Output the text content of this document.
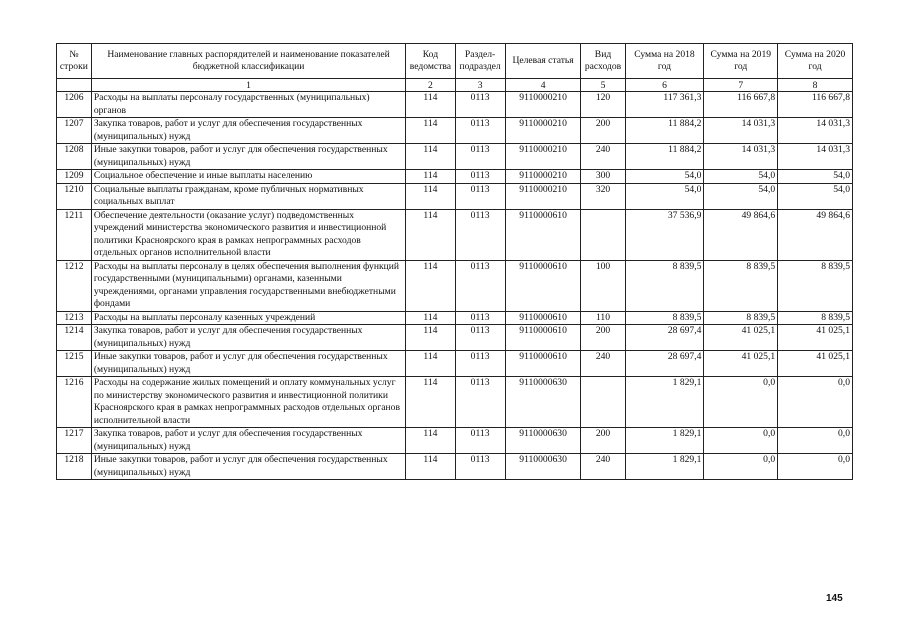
№ строки	Наименование главных распорядителей и наименование показателей бюджетной классификации	Код ведомства	Раздел-подраздел	Целевая статья	Вид расходов	Сумма на 2018 год	Сумма на 2019 год	Сумма на 2020 год
	1	2	3	4	5	6	7	8
1206	Расходы на выплаты персоналу государственных (муниципальных) органов	114	0113	9110000210	120	117 361,3	116 667,8	116 667,8
1207	Закупка товаров, работ и услуг для обеспечения государственных (муниципальных) нужд	114	0113	9110000210	200	11 884,2	14 031,3	14 031,3
1208	Иные закупки товаров, работ и услуг для обеспечения государственных (муниципальных) нужд	114	0113	9110000210	240	11 884,2	14 031,3	14 031,3
1209	Социальное обеспечение и иные выплаты населению	114	0113	9110000210	300	54,0	54,0	54,0
1210	Социальные выплаты гражданам, кроме публичных нормативных социальных выплат	114	0113	9110000210	320	54,0	54,0	54,0
1211	Обеспечение деятельности (оказание услуг) подведомственных учреждений министерства экономического развития и инвестиционной политики Красноярского края в рамках непрограммных расходов отдельных органов исполнительной власти	114	0113	9110000610		37 536,9	49 864,6	49 864,6
1212	Расходы на выплаты персоналу в целях обеспечения выполнения функций государственными (муниципальными) органами, казенными учреждениями, органами управления государственными внебюджетными фондами	114	0113	9110000610	100	8 839,5	8 839,5	8 839,5
1213	Расходы на выплаты персоналу казенных учреждений	114	0113	9110000610	110	8 839,5	8 839,5	8 839,5
1214	Закупка товаров, работ и услуг для обеспечения государственных (муниципальных) нужд	114	0113	9110000610	200	28 697,4	41 025,1	41 025,1
1215	Иные закупки товаров, работ и услуг для обеспечения государственных (муниципальных) нужд	114	0113	9110000610	240	28 697,4	41 025,1	41 025,1
1216	Расходы на содержание жилых помещений и оплату коммунальных услуг по министерству экономического развития и инвестиционной политики Красноярского края в рамках непрограммных расходов отдельных органов исполнительной власти	114	0113	9110000630		1 829,1	0,0	0,0
1217	Закупка товаров, работ и услуг для обеспечения государственных (муниципальных) нужд	114	0113	9110000630	200	1 829,1	0,0	0,0
1218	Иные закупки товаров, работ и услуг для обеспечения государственных (муниципальных) нужд	114	0113	9110000630	240	1 829,1	0,0	0,0
145
